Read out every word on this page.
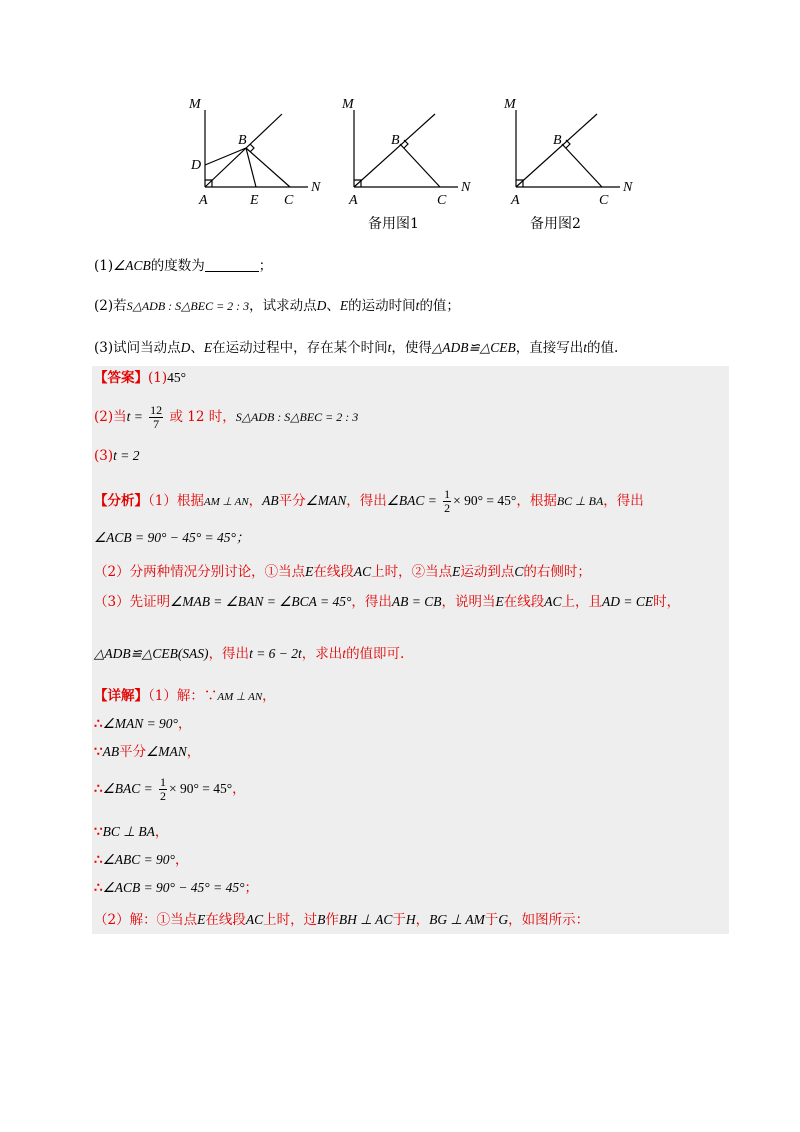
M
B
D
A	E C
N
M
B
A	C
N
备用图1
M
B
A	C
N
备用图2
(1)∠ACB的度数为	；
(2)若S△ADB : S△BEC = 2 : 3，试求动点D、E的运动时间t的值；
(3)试问当动点D、E在运动过程中，存在某个时间t，使得△ADB≌△CEB，直接写出t的值.
【答案】(1)45°
(2)当$t = \frac{12}{7}$ 或 12 时，S△ADB : S△BEC = 2 : 3
(3)t = 2
【分析】（1）根据AM ⊥ AN，AB平分∠MAN，得出∠BAC = $\frac{1}{2} \times 90^\circ = 45^\circ$，根据BC ⊥ BA，得出
∠ACB = 90° − 45° = 45°；
（2）分两种情况分别讨论，①当点E在线段AC上时，②当点E运动到点C的右侧时；
（3）先证明∠MAB = ∠BAN = ∠BCA = 45°，得出AB = CB，说明当E在线段AC上，且AD = CE时，
△ADB≌△CEB(SAS)，得出t = 6 − 2t，求出t的值即可.
【详解】（1）解：∵AM ⊥ AN，
∴∠MAN = 90°，
∵AB平分∠MAN，
∴∠BAC = $\frac{1}{2} \times 90^\circ = 45^\circ$，
∵BC ⊥ BA，
∴∠ABC = 90°，
∴∠ACB = 90° − 45° = 45°；
（2）解：①当点E在线段AC上时，过B作BH ⊥ AC于H，BG ⊥ AM于G，如图所示：
